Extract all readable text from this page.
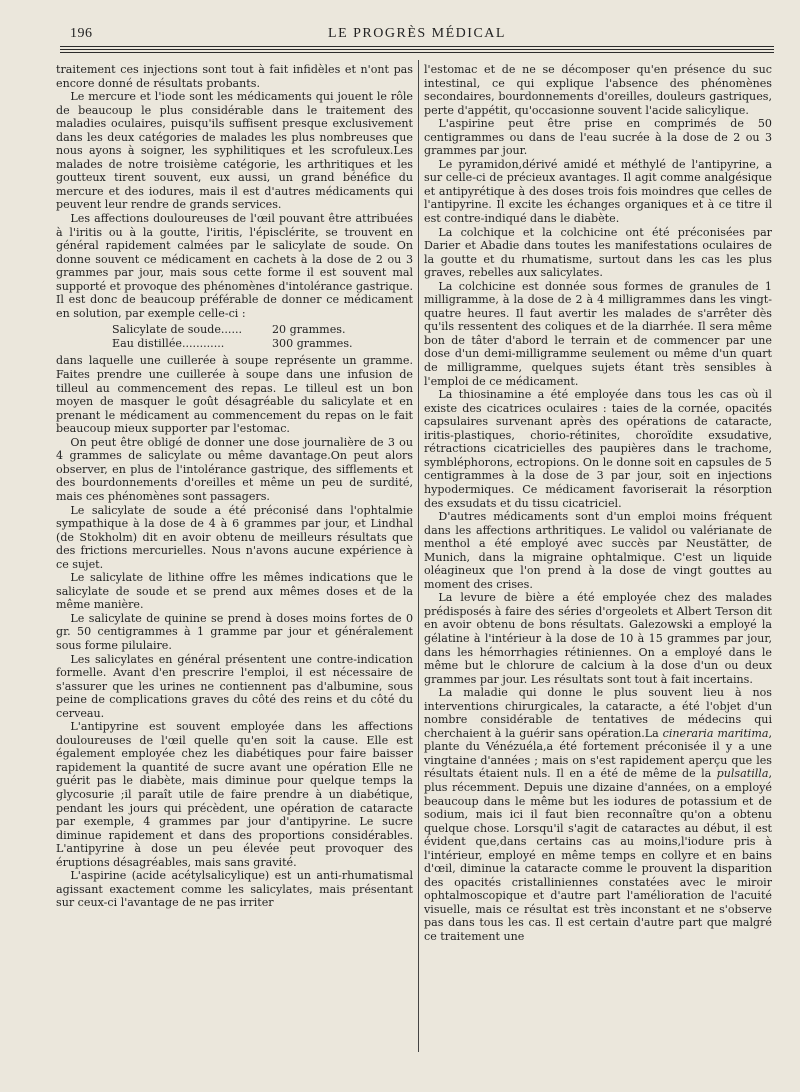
196	LE PROGRÈS MÉDICAL

traitement ces injections sont tout à fait infidèles et n'ont pas encore donné de résultats probants.

Le mercure et l'iode sont les médicaments qui jouent le rôle de beaucoup le plus considérable dans le traitement des maladies oculaires, puisqu'ils suffisent presque exclusivement dans les deux catégories de malades les plus nombreuses que nous ayons à soigner, les syphilitiques et les scrofuleux.Les malades de notre troisième catégorie, les arthritiques et les goutteux tirent souvent, eux aussi, un grand bénéfice du mercure et des iodures, mais il est d'autres médicaments qui peuvent leur rendre de grands services.

Les affections douloureuses de l'œil pouvant être attribuées à l'iritis ou à la goutte, l'iritis, l'épisclérite, se trouvent en général rapidement calmées par le salicylate de soude. On donne souvent ce médicament en cachets à la dose de 2 ou 3 grammes par jour, mais sous cette forme il est souvent mal supporté et provoque des phénomènes d'intolérance gastrique. Il est donc de beaucoup préférable de donner ce médicament en solution, par exemple celle-ci :

Salicylate de soude......	20 grammes.
Eau distillée............	300 grammes.

dans laquelle une cuillerée à soupe représente un gramme. Faites prendre une cuillerée à soupe dans une infusion de tilleul au commencement des repas. Le tilleul est un bon moyen de masquer le goût désagréable du salicylate et en prenant le médicament au commencement du repas on le fait beaucoup mieux supporter par l'estomac.

On peut être obligé de donner une dose journalière de 3 ou 4 grammes de salicylate ou même davantage.On peut alors observer, en plus de l'intolérance gastrique, des sifflements et des bourdonnements d'oreilles et même un peu de surdité, mais ces phénomènes sont passagers.

Le salicylate de soude a été préconisé dans l'ophtalmie sympathique à la dose de 4 à 6 grammes par jour, et Lindhal (de Stokholm) dit en avoir obtenu de meilleurs résultats que des frictions mercurielles. Nous n'avons aucune expérience à ce sujet.

Le salicylate de lithine offre les mêmes indications que le salicylate de soude et se prend aux mêmes doses et de la même manière.

Le salicylate de quinine se prend à doses moins fortes de 0 gr. 50 centigrammes à 1 gramme par jour et généralement sous forme pilulaire.

Les salicylates en général présentent une contre-indication formelle. Avant d'en prescrire l'emploi, il est nécessaire de s'assurer que les urines ne contiennent pas d'albumine, sous peine de complications graves du côté des reins et du côté du cerveau.

L'antipyrine est souvent employée dans les affections douloureuses de l'œil quelle qu'en soit la cause. Elle est également employée chez les diabétiques pour faire baisser rapidement la quantité de sucre avant une opération Elle ne guérit pas le diabète, mais diminue pour quelque temps la glycosurie ;il paraît utile de faire prendre à un diabétique, pendant les jours qui précèdent, une opération de cataracte par exemple, 4 grammes par jour d'antipyrine. Le sucre diminue rapidement et dans des proportions considérables. L'antipyrine à dose un peu élevée peut provoquer des éruptions désagréables, mais sans gravité.

L'aspirine (acide acétylsalicylique) est un anti-rhumatismal agissant exactement comme les salicylates, mais présentant sur ceux-ci l'avantage de ne pas irriter

l'estomac et de ne se décomposer qu'en présence du suc intestinal, ce qui explique l'absence des phénomènes secondaires, bourdonnements d'oreilles, douleurs gastriques, perte d'appétit, qu'occasionne souvent l'acide salicylique.

L'aspirine peut être prise en comprimés de 50 centigrammes ou dans de l'eau sucrée à la dose de 2 ou 3 grammes par jour.

Le pyramidon,dérivé amidé et méthylé de l'antipyrine, a sur celle-ci de précieux avantages. Il agit comme analgésique et antipyrétique à des doses trois fois moindres que celles de l'antipyrine. Il excite les échanges organiques et à ce titre il est contre-indiqué dans le diabète.

La colchique et la colchicine ont été préconisées par Darier et Abadie dans toutes les manifestations oculaires de la goutte et du rhumatisme, surtout dans les cas les plus graves, rebelles aux salicylates.

La colchicine est donnée sous formes de granules de 1 milligramme, à la dose de 2 à 4 milligrammes dans les vingt-quatre heures. Il faut avertir les malades de s'arrêter dès qu'ils ressentent des coliques et de la diarrhée. Il sera même bon de tâter d'abord le terrain et de commencer par une dose d'un demi-milligramme seulement ou même d'un quart de milligramme, quelques sujets étant très sensibles à l'emploi de ce médicament.

La thiosinamine a été employée dans tous les cas où il existe des cicatrices oculaires : taies de la cornée, opacités capsulaires survenant après des opérations de cataracte, iritis-plastiques, chorio-rétinites, choroïdite exsudative, rétractions cicatricielles des paupières dans le trachome, symbléphorons, ectropions. On le donne soit en capsules de 5 centigrammes à la dose de 3 par jour, soit en injections hypodermiques. Ce médicament favoriserait la résorption des exsudats et du tissu cicatriciel.

D'autres médicaments sont d'un emploi moins fréquent dans les affections arthritiques. Le validol ou valérianate de menthol a été employé avec succès par Neustätter, de Munich, dans la migraine ophtalmique. C'est un liquide oléagineux que l'on prend à la dose de vingt gouttes au moment des crises.

La levure de bière a été employée chez des malades prédisposés à faire des séries d'orgeolets et Albert Terson dit en avoir obtenu de bons résultats. Galezowski a employé la gélatine à l'intérieur à la dose de 10 à 15 grammes par jour, dans les hémorrhagies rétiniennes. On a employé dans le même but le chlorure de calcium à la dose d'un ou deux grammes par jour. Les résultats sont tout à fait incertains.

La maladie qui donne le plus souvent lieu à nos interventions chirurgicales, la cataracte, a été l'objet d'un nombre considérable de tentatives de médecins qui cherchaient à la guérir sans opération.La cineraria maritima, plante du Vénézuéla,a été fortement préconisée il y a une vingtaine d'années ; mais on s'est rapidement aperçu que les résultats étaient nuls. Il en a été de même de la pulsatilla, plus récemment. Depuis une dizaine d'années, on a employé beaucoup dans le même but les iodures de potassium et de sodium, mais ici il faut bien reconnaître qu'on a obtenu quelque chose. Lorsqu'il s'agit de cataractes au début, il est évident que,dans certains cas au moins,l'iodure pris à l'intérieur, employé en même temps en collyre et en bains d'œil, diminue la cataracte comme le prouvent la disparition des opacités cristalliniennes constatées avec le miroir ophtalmoscopique et d'autre part l'amélioration de l'acuité visuelle, mais ce résultat est très inconstant et ne s'observe pas dans tous les cas. Il est certain d'autre part que malgré ce traitement une
